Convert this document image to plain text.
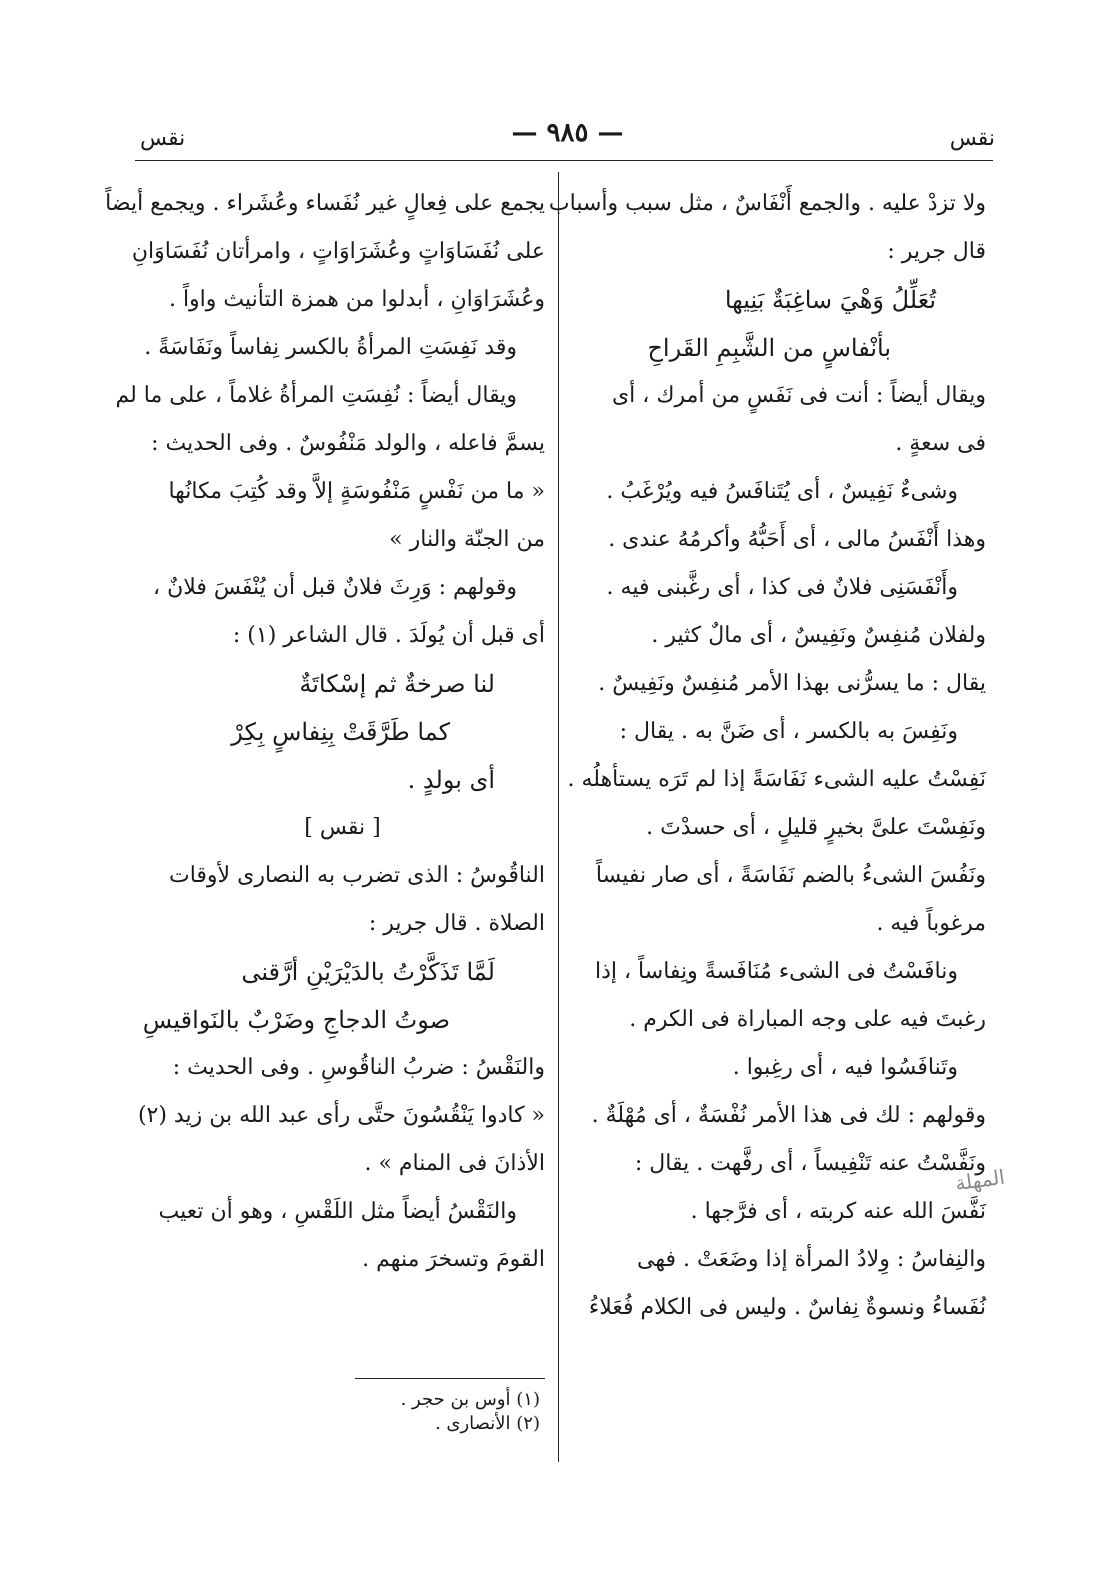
نقس
— ٩٨٥ —
نقس
ولا تزدْ عليه . والجمع أَنْفَاسٌ ، مثل سبب وأسباب .
قال جرير :
تُعَلِّلُ وَهْيَ ساغِبَةٌ بَنِيها
بأنْفاسٍ من الشَّبِمِ القَراحِ
ويقال أيضاً : أنت فى نَفَسٍ من أمرك ، أى
فى سعةٍ .
وشىءٌ نَفِيسٌ ، أى يُتَنافَسُ فيه ويُرْغَبُ .
وهذا أَنْفَسُ مالى ، أى أَحَبُّهُ وأكرمُهُ عندى .
وأَنْفَسَنِى فلانٌ فى كذا ، أى رغَّبنى فيه .
ولفلان مُنفِسٌ ونَفِيسٌ ، أى مالٌ كثير .
يقال : ما يسرُّنى بهذا الأمر مُنفِسٌ ونَفِيسٌ .
ونَفِسَ به بالكسر ، أى ضَنَّ به . يقال :
نَفِسْتُ عليه الشىء نَفَاسَةً إذا لم تَرَه يستأهلُه .
ونَفِسْتَ علىَّ بخيرٍ قليلٍ ، أى حسدْتَ .
ونَفُسَ الشىءُ بالضم نَفَاسَةً ، أى صار نفيساً
مرغوباً فيه .
ونافَسْتُ فى الشىء مُنَافَسةً ونِفاساً ، إذا
رغبتَ فيه على وجه المباراة فى الكرم .
وتَنافَسُوا فيه ، أى رغِبوا .
وقولهم : لك فى هذا الأمر نُفْسَةٌ ، أى مُهْلَةٌ .
ونَفَّسْتُ عنه تَنْفِيساً ، أى رفَّهت . يقال :
نَفَّسَ الله عنه كربته ، أى فرَّجها .
والنِفاسُ : وِلادُ المرأة إذا وضَعَتْ . فهى
نُفَساءُ ونسوةٌ نِفاسٌ . وليس فى الكلام فُعَلاءُ
يجمع على فِعالٍ غير نُفَساء وعُشَراء . ويجمع أيضاً
على نُفَسَاوَاتٍ وعُشَرَاوَاتٍ ، وامرأتان نُفَسَاوَانِ
وعُشَرَاوَانِ ، أبدلوا من همزة التأنيث واواً .
وقد نَفِسَتِ المرأةُ بالكسر نِفاساً ونَفَاسَةً .
ويقال أيضاً : نُفِسَتِ المرأةُ غلاماً ، على ما لم
يسمَّ فاعله ، والولد مَنْفُوسٌ . وفى الحديث :
« ما من نَفْسٍ مَنْفُوسَةٍ إلاَّ وقد كُتِبَ مكانُها
من الجنّة والنار »
وقولهم : وَرِثَ فلانٌ قبل أن يُنْفَسَ فلانٌ ،
أى قبل أن يُولَدَ . قال الشاعر (١) :
لنا صرخةٌ ثم إسْكاتَةٌ
كما طَرَّقَتْ بِنِفاسٍ بِكِرْ
أى بولدٍ .
[ نقس ]
الناقُوسُ : الذى تضرب به النصارى لأوقات
الصلاة . قال جرير :
لَمَّا تَذَكَّرْتُ بالدَيْرَيْنِ أرَّقنى
صوتُ الدجاجِ وضَرْبٌ بالنَواقيسِ
والنَقْسُ : ضربُ الناقُوسِ . وفى الحديث :
« كادوا يَنْقُسُونَ حتَّى رأى عبد الله بن زيد (٢)
الأذانَ فى المنام » .
والنَقْسُ أيضاً مثل اللَقْسِ ، وهو أن تعيب
القومَ وتسخرَ منهم .
(١) أوس بن حجر .
(٢) الأنصارى .
المهلة
